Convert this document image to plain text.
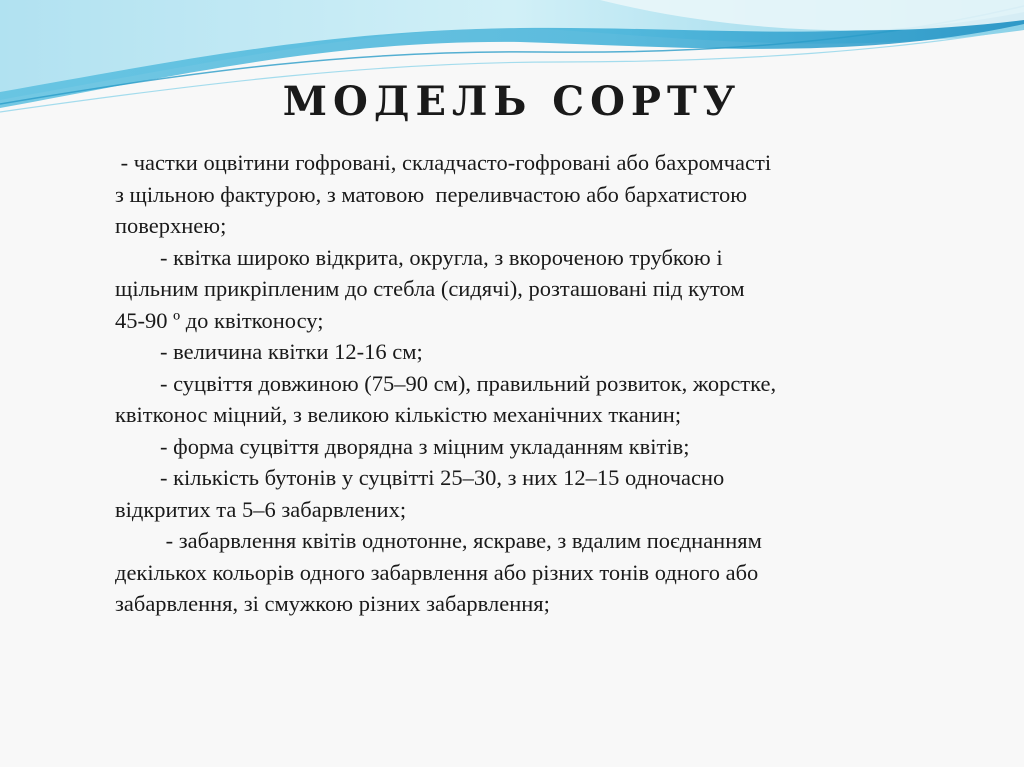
МОДЕЛЬ СОРТУ
- частки оцвітини гофровані, складчасто-гофровані або бахромчасті
з щільною фактурою, з матовою  переливчастою або бархатистою
поверхнею;
- квітка широко відкрита, округла, з вкороченою трубкою і
щільним прикріпленим до стебла (сидячі), розташовані під кутом
45-90 º до квітконосу;
- величина квітки 12-16 см;
- суцвіття довжиною (75–90 см), правильний розвиток, жорстке,
квітконос міцний, з великою кількістю механічних тканин;
- форма суцвіття дворядна з міцним укладанням квітів;
- кількість бутонів у суцвітті 25–30, з них 12–15 одночасно
відкритих та 5–6 забарвлених;
- забарвлення квітів однотонне, яскраве, з вдалим поєднанням
декількох кольорів одного забарвлення або різних тонів одного або
забарвлення, зі смужкою різних забарвлення;
